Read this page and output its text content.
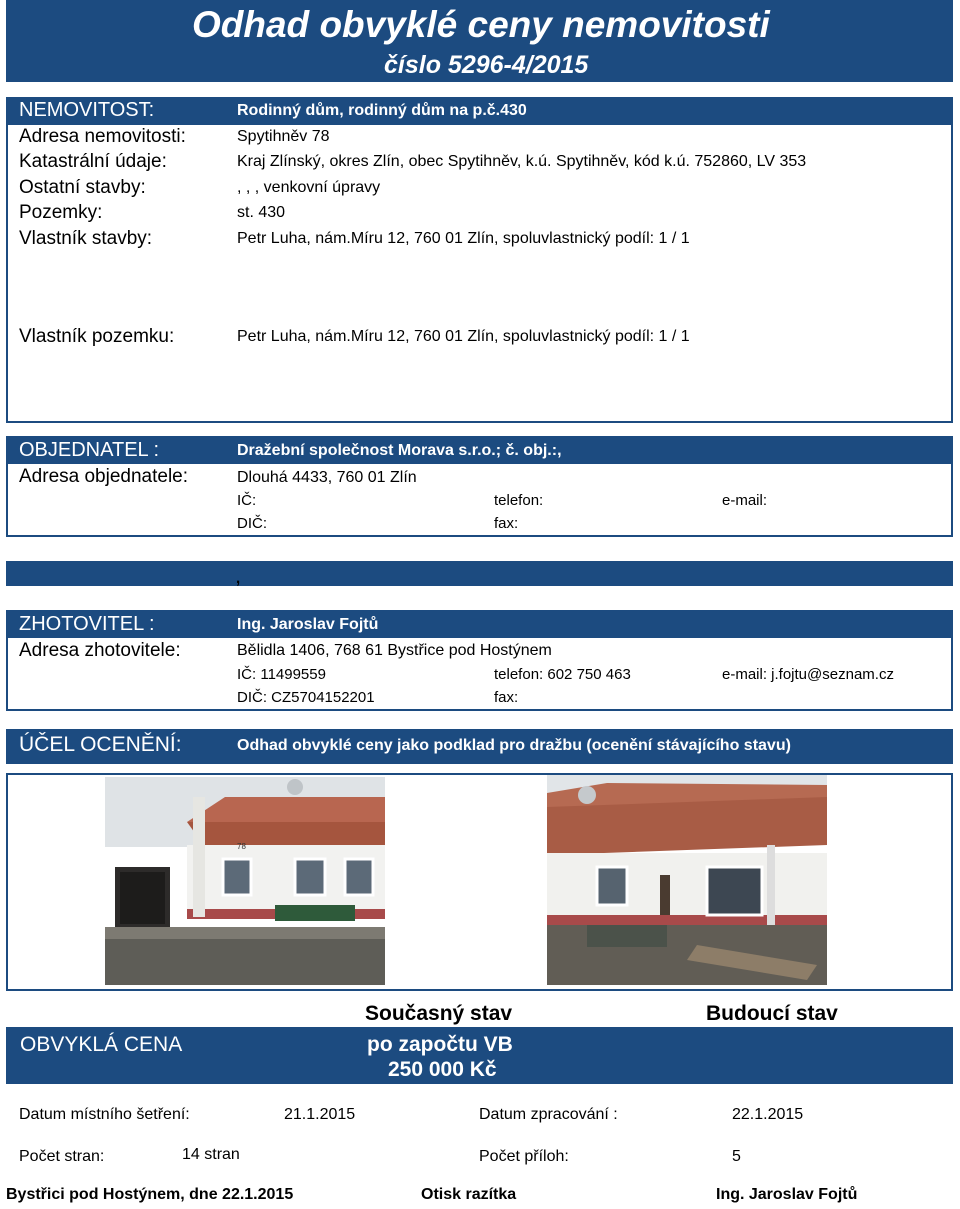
Odhad obvyklé ceny nemovitosti
číslo 5296-4/2015
NEMOVITOST:	Rodinný dům, rodinný dům na p.č.430
Adresa nemovitosti:	Spytihněv 78
Katastrální údaje:	Kraj Zlínský, okres Zlín, obec Spytihněv, k.ú. Spytihněv, kód k.ú. 752860, LV 353
Ostatní stavby:	, , , venkovní úpravy
Pozemky:	st. 430
Vlastník stavby:	Petr Luha, nám.Míru 12, 760 01 Zlín, spoluvlastnický podíl: 1 / 1
Vlastník pozemku:	Petr Luha, nám.Míru 12, 760 01 Zlín, spoluvlastnický podíl: 1 / 1
OBJEDNATEL :	Dražební společnost Morava s.r.o.; č. obj.:,
Adresa objednatele:	Dlouhá 4433, 760 01 Zlín
IČ:	telefon:	e-mail:
DIČ:	fax:
,
ZHOTOVITEL :	Ing. Jaroslav Fojtů
Adresa zhotovitele:	Bělidla 1406, 768 61 Bystřice pod Hostýnem
IČ: 11499559	telefon: 602 750 463	e-mail: j.fojtu@seznam.cz
DIČ: CZ5704152201	fax:
ÚČEL OCENĚNÍ:	Odhad obvyklé ceny jako podklad pro dražbu (ocenění stávajícího stavu)
78
Současný stav	Budoucí stav
OBVYKLÁ CENA	po započtu VB
250 000 Kč
Datum místního šetření:	21.1.2015	Datum zpracování :	22.1.2015
Počet stran:	14 stran	Počet příloh:	5
Bystřici pod Hostýnem, dne 22.1.2015	Otisk razítka	Ing. Jaroslav Fojtů
